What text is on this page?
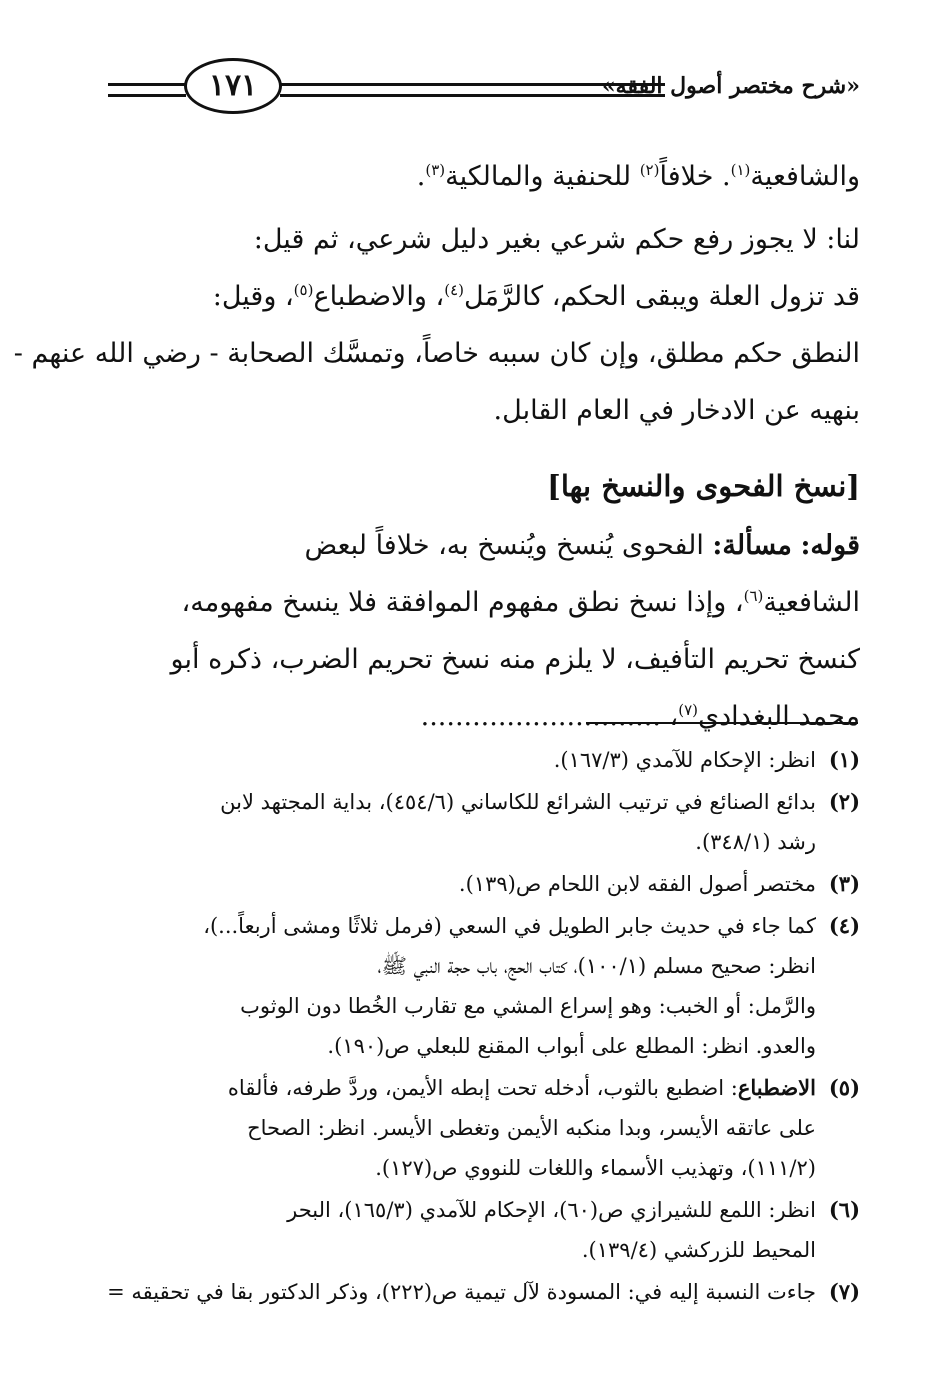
١٧١	«شرح مختصر أصول الفقه»
والشافعية$^{(١)}$. خلافاً$^{(٢)}$ للحنفية والمالكية$^{(٣)}$.
لنا: لا يجوز رفع حكم شرعي بغير دليل شرعي، ثم قيل:
قد تزول العلة ويبقى الحكم، كالرَّمَل$^{(٤)}$، والاضطباع$^{(٥)}$، وقيل:
النطق حكم مطلق، وإن كان سببه خاصاً، وتمسَّك الصحابة - رضي الله عنهم -
بنهيه عن الادخار في العام القابل.
[نسخ الفحوى والنسخ بها]
قوله: مسألة: الفحوى يُنسخ ويُنسخ به، خلافاً لبعض
الشافعية$^{(٦)}$، وإذا نسخ نطق مفهوم الموافقة فلا ينسخ مفهومه،
كنسخ تحريم التأفيف، لا يلزم منه نسخ تحريم الضرب، ذكره أبو
محمد البغدادي$^{(٧)}$، ............................
(١)
انظر: الإحكام للآمدي (١٦٧/٣).
(٢)
بدائع الصنائع في ترتيب الشرائع للكاساني (٤٥٤/٦)، بداية المجتهد لابن
رشد (٣٤٨/١).
(٣)
مختصر أصول الفقه لابن اللحام ص(١٣٩).
(٤)
كما جاء في حديث جابر الطويل في السعي (فرمل ثلاثًا ومشى أربعاً...)،
انظر: صحيح مسلم (١٠٠/١)، كتاب الحج، باب حجة النبي ﷺ،
والرَّمل: أو الخبب: وهو إسراع المشي مع تقارب الخُطا دون الوثوب
والعدو. انظر: المطلع على أبواب المقنع للبعلي ص(١٩٠).
(٥)
الاضطباع: اضطبع بالثوب، أدخله تحت إبطه الأيمن، وردَّ طرفه، فألقاه
على عاتقه الأيسر، وبدا منكبه الأيمن وتغطى الأيسر. انظر: الصحاح
(١١١/٢)، وتهذيب الأسماء واللغات للنووي ص(١٢٧).
(٦)
انظر: اللمع للشيرازي ص(٦٠)، الإحكام للآمدي (١٦٥/٣)، البحر
المحيط للزركشي (١٣٩/٤).
(٧)
جاءت النسبة إليه في: المسودة لآل تيمية ص(٢٢٢)، وذكر الدكتور بقا في تحقيقه =
